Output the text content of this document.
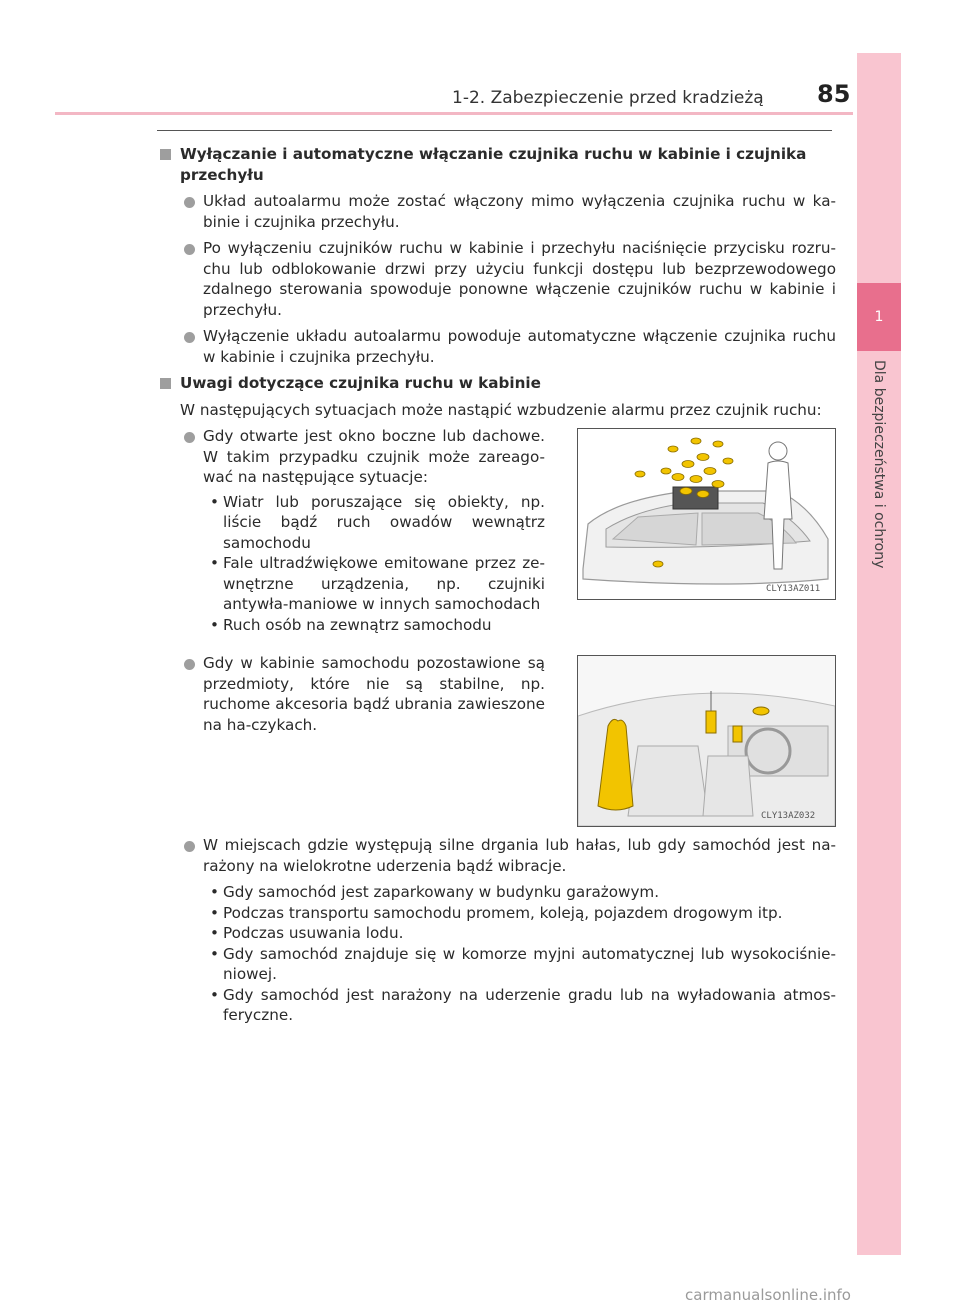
1-2. Zabezpieczenie przed kradzieżą 85
1
Dla bezpieczeństwa i ochrony
Wyłączanie i automatyczne włączanie czujnika ruchu w kabinie i czujnika przechyłu
Układ autoalarmu może zostać włączony mimo wyłączenia czujnika ruchu w ka-binie i czujnika przechyłu.
Po wyłączeniu czujników ruchu w kabinie i przechyłu naciśnięcie przycisku rozru-chu lub odblokowanie drzwi przy użyciu funkcji dostępu lub bezprzewodowego zdalnego sterowania spowoduje ponowne włączenie czujników ruchu w kabinie i przechyłu.
Wyłączenie układu autoalarmu powoduje automatyczne włączenie czujnika ruchu w kabinie i czujnika przechyłu.
Uwagi dotyczące czujnika ruchu w kabinie
W następujących sytuacjach może nastąpić wzbudzenie alarmu przez czujnik ruchu:
Gdy otwarte jest okno boczne lub dachowe. W takim przypadku czujnik może zareago-wać na następujące sytuacje:
• Wiatr lub poruszające się obiekty, np. liście bądź ruch owadów wewnątrz samochodu
• Fale ultradźwiękowe emitowane przez ze-wnętrzne urządzenia, np. czujniki antywła-maniowe w innych samochodach
• Ruch osób na zewnątrz samochodu
CLY13AZ011
Gdy w kabinie samochodu pozostawione są przedmioty, które nie są stabilne, np. ruchome akcesoria bądź ubrania zawieszone na ha-czykach.
CLY13AZ032
W miejscach gdzie występują silne drgania lub hałas, lub gdy samochód jest na-rażony na wielokrotne uderzenia bądź wibracje.
• Gdy samochód jest zaparkowany w budynku garażowym.
• Podczas transportu samochodu promem, koleją, pojazdem drogowym itp.
• Podczas usuwania lodu.
• Gdy samochód znajduje się w komorze myjni automatycznej lub wysokociśnie-niowej.
• Gdy samochód jest narażony na uderzenie gradu lub na wyładowania atmos-feryczne.
carmanualsonline.info
